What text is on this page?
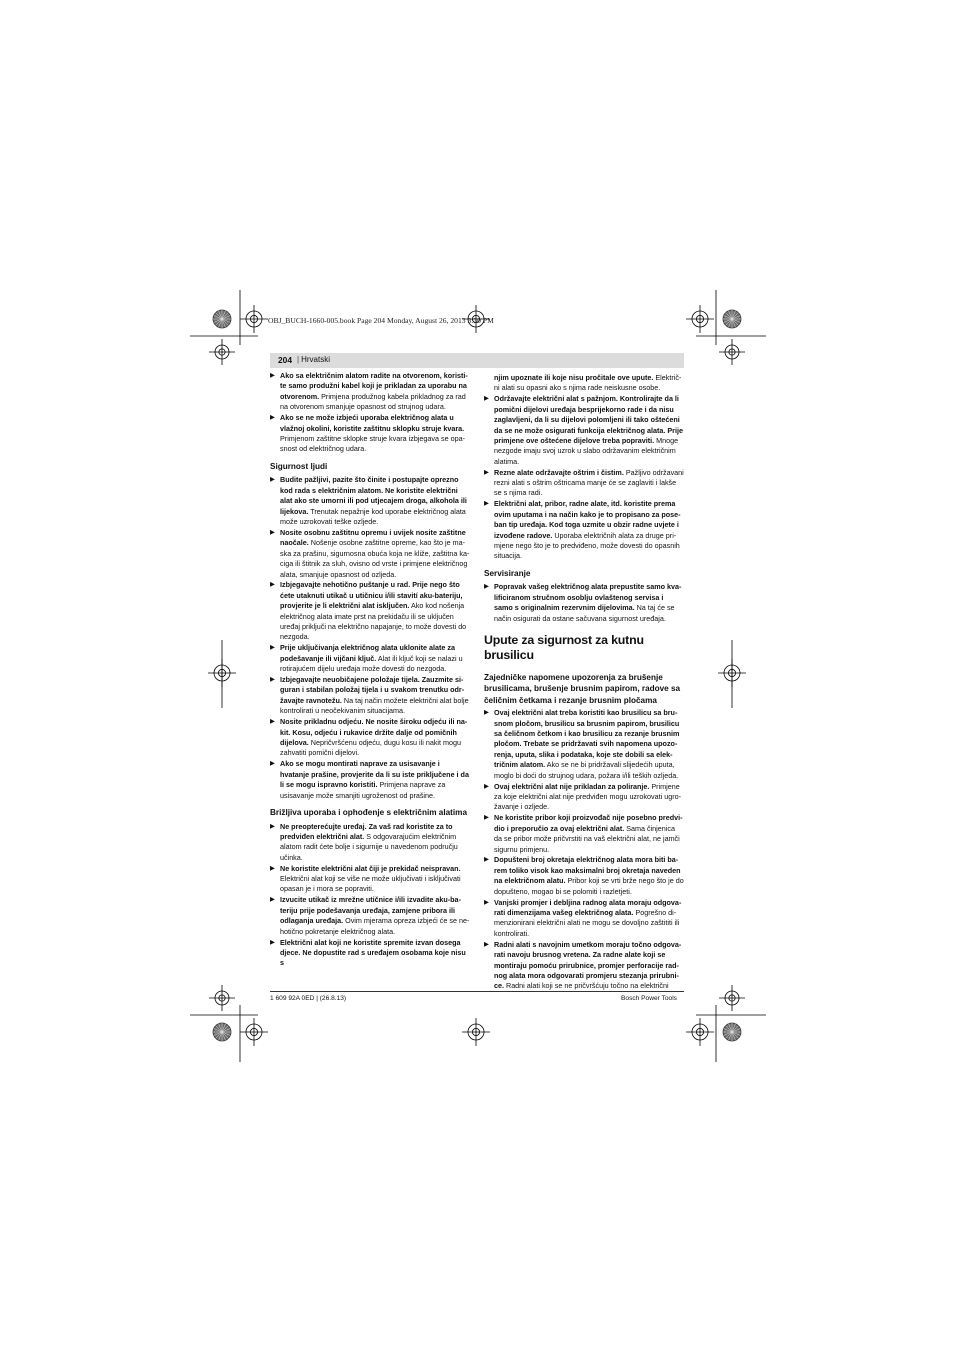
OBJ_BUCH-1660-005.book Page 204 Monday, August 26, 2013 3:30 PM
204
|	Hrvatski
▶ Ako sa električnim alatom radite na otvorenom, koristite samo produžni kabel koji je prikladan za uporabu na otvorenom. Primjena produžnog kabela prikladnog za rad na otvorenom smanjuje opasnost od strujnog udara.
▶ Ako se ne može izbjeći uporaba električnog alata u vlažnoj okolini, koristite zaštitnu sklopku struje kvara. Primjenom zaštitne sklopke struje kvara izbjegava se opasnost od električnog udara.
Sigurnost ljudi
▶ Budite pažljivi, pazite što činite i postupajte oprezno kod rada s električnim alatom. Ne koristite električni alat ako ste umorni ili pod utjecajem droga, alkohola ili lijekova. Trenutak nepažnje kod uporabe električnog alata može uzrokovati teške ozljede.
▶ Nosite osobnu zaštitnu opremu i uvijek nosite zaštitne naočale. Nošenje osobne zaštitne opreme, kao što je maska za prašinu, sigurnosna obuća koja ne kliže, zaštitna kaciga ili štitnik za sluh, ovisno od vrste i primjene električnog alata, smanjuje opasnost od ozljeda.
▶ Izbjegavajte nehotično puštanje u rad. Prije nego što ćete utaknuti utikač u utičnicu i/ili stavití aku-bateriju, provjerite je li električni alat isključen. Ako kod nošenja električnog alata imate prst na prekidaču ili se uključen uređaj priključi na električno napajanje, to može dovesti do nezgoda.
▶ Prije uključivanja električnog alata uklonite alate za podešavanje ili vijčani ključ. Alat ili ključ koji se nalazi u rotirajućem dijelu uređaja može dovesti do nezgoda.
▶ Izbjegavajte neuobičajene položaje tijela. Zauzmite siguran i stabilan položaj tijela i u svakom trenutku održavajte ravnotežu. Na taj način možete električni alat bolje kontrolirati u neočekivanim situacijama.
▶ Nosite prikladnu odjeću. Ne nosite široku odjeću ili nakit. Kosu, odjeću i rukavice držite dalje od pomičnih dijelova. Nepričvršćenu odjeću, dugu kosu ili nakit mogu zahvatiti pomični dijelovi.
▶ Ako se mogu montirati naprave za usisavanje i hvatanje prašine, provjerite da li su iste priključene i da li se mogu ispravno koristiti. Primjena naprave za usisavanje može smanjiti ugroženost od prašine.
Brižljiva uporaba i ophođenje s električnim alatima
▶ Ne preopterećujte uređaj. Za vaš rad koristite za to predviđen električni alat. S odgovarajućim električnim alatom radit ćete bolje i sigurnije u navedenom području učinka.
▶ Ne koristite električni alat čiji je prekidač neispravan. Električni alat koji se više ne može uključivati i isključivati opasan je i mora se popraviti.
▶ Izvucite utikač iz mrežne utičnice i/ili izvadite aku-bateriju prije podešavanja uređaja, zamjene pribora ili odlaganja uređaja. Ovim mjerama opreza izbjeći će se nehotično pokretanje električnog alata.
▶ Električni alat koji ne koristite spremite izvan dosega djece. Ne dopustite rad s uređajem osobama koje nisu s
njim upoznate ili koje nisu pročitale ove upute. Električni alati su opasni ako s njima rade neiskusne osobe.
▶ Održavajte električni alat s pažnjom. Kontrolirajte da li pomični dijelovi uređaja besprijekorno rade i da nisu zaglavljeni, da li su dijelovi polomljeni ili tako oštećeni da se ne može osigurati funkcija električnog alata. Prije primjene ove oštećene dijelove treba popraviti. Mnoge nezgode imaju svoj uzrok u slabo održavanim električnim alatima.
▶ Rezne alate održavajte oštrim i čistim. Pažljivo održavani rezni alati s oštrim oštricama manje će se zaglaviti i lakše se s njima radi.
▶ Električni alat, pribor, radne alate, itd. koristite prema ovim uputama i na način kako je to propisano za poseban tip uređaja. Kod toga uzmite u obzir radne uvjete i izvođene radove. Uporaba električnih alata za druge primjene nego što je to predviđeno, može dovesti do opasnih situacija.
Servisiranje
▶ Popravak vašeg električnog alata prepustite samo kvalificiranom stručnom osoblju ovlaštenog servisa i samo s originalnim rezervnim dijelovima. Na taj će se način osigurati da ostane sačuvana sigurnost uređaja.
Upute za sigurnost za kutnu brusilicu
Zajedničke napomene upozorenja za brušenje brusilicama, brušenje brusnim papirom, radove sa čeličnim četkama i rezanje brusnim pločama
▶ Ovaj električni alat treba koristiti kao brusilicu sa brusnom pločom, brusilicu sa brusnim papirom, brusilicu sa čeličnom četkom i kao brusilicu za rezanje brusnim pločom. Trebate se pridržavati svih napomena upozorenja, uputa, slika i podataka, koje ste dobili sa električnim alatom. Ako se ne bi pridržavali slijedećih uputa, moglo bi doći do strujnog udara, požara i/ili teških ozljeda.
▶ Ovaj električni alat nije prikladan za poliranje. Primjene za koje električni alat nije predviđen mogu uzrokovati ugrožavanje i ozljede.
▶ Ne koristite pribor koji proizvođač nije posebno predvidio i preporučio za ovaj električni alat. Sama činjenica da se pribor može pričvrstiti na vaš električni alat, ne jamči sigurnu primjenu.
▶ Dopušteni broj okretaja električnog alata mora biti barem toliko visok kao maksimalni broj okretaja naveden na električnom alatu. Pribor koji se vrti brže nego što je do dopušteno, mogao bi se polomiti i razletjeti.
▶ Vanjski promjer i debljina radnog alata moraju odgovarati dimenzijama vašeg električnog alata. Pogrešno dimenzionirani električni alati ne mogu se dovoljno zaštititi ili kontrolirati.
▶ Radni alati s navojnim umetkom moraju točno odgovarati navoju brusnog vretena. Za radne alate koji se montiraju pomoću prirubnice, promjer perforacije radnog alata mora odgovarati promjeru stezanja prirubnice. Radni alati koji se ne pričvršćuju točno na električni
1 609 92A 0ED | (26.8.13)	Bosch Power Tools
